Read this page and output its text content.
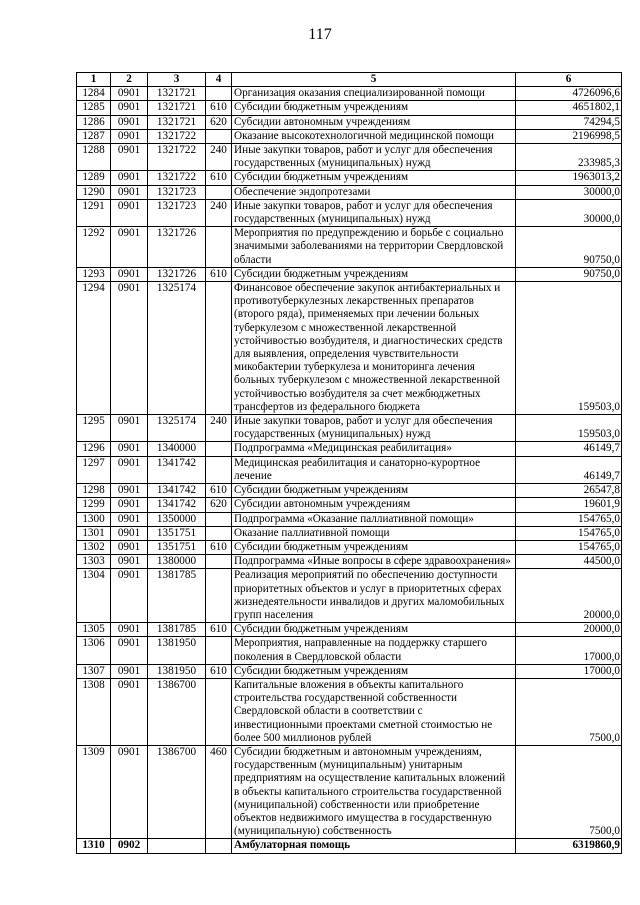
117
1	2	3	4	5	6
1284	0901	1321721		Организация оказания специализированной помощи	4726096,6
1285	0901	1321721	610	Субсидии бюджетным учреждениям	4651802,1
1286	0901	1321721	620	Субсидии автономным учреждениям	74294,5
1287	0901	1321722		Оказание высокотехнологичной медицинской помощи	2196998,5
1288	0901	1321722	240	Иные закупки товаров, работ и услуг для обеспечения государственных (муниципальных) нужд	233985,3
1289	0901	1321722	610	Субсидии бюджетным учреждениям	1963013,2
1290	0901	1321723		Обеспечение эндопротезами	30000,0
1291	0901	1321723	240	Иные закупки товаров, работ и услуг для обеспечения государственных (муниципальных) нужд	30000,0
1292	0901	1321726		Мероприятия по предупреждению и борьбе с социально значимыми заболеваниями на территории Свердловской области	90750,0
1293	0901	1321726	610	Субсидии бюджетным учреждениям	90750,0
1294	0901	1325174		Финансовое обеспечение закупок антибактериальных и противотуберкулезных лекарственных препаратов (второго ряда), применяемых при лечении больных туберкулезом с множественной лекарственной устойчивостью возбудителя, и диагностических средств для выявления, определения чувствительности микобактерии туберкулеза и мониторинга лечения больных туберкулезом с множественной лекарственной устойчивостью возбудителя за счет межбюджетных трансфертов из федерального бюджета	159503,0
1295	0901	1325174	240	Иные закупки товаров, работ и услуг для обеспечения государственных (муниципальных) нужд	159503,0
1296	0901	1340000		Подпрограмма «Медицинская реабилитация»	46149,7
1297	0901	1341742		Медицинская реабилитация и санаторно-курортное лечение	46149,7
1298	0901	1341742	610	Субсидии бюджетным учреждениям	26547,8
1299	0901	1341742	620	Субсидии автономным учреждениям	19601,9
1300	0901	1350000		Подпрограмма «Оказание паллиативной помощи»	154765,0
1301	0901	1351751		Оказание паллиативной помощи	154765,0
1302	0901	1351751	610	Субсидии бюджетным учреждениям	154765,0
1303	0901	1380000		Подпрограмма «Иные вопросы в сфере здравоохранения»	44500,0
1304	0901	1381785		Реализация мероприятий по обеспечению доступности приоритетных объектов и услуг в приоритетных сферах жизнедеятельности инвалидов и других маломобильных групп населения	20000,0
1305	0901	1381785	610	Субсидии бюджетным учреждениям	20000,0
1306	0901	1381950		Мероприятия, направленные на поддержку старшего поколения в Свердловской области	17000,0
1307	0901	1381950	610	Субсидии бюджетным учреждениям	17000,0
1308	0901	1386700		Капитальные вложения в объекты капитального строительства государственной собственности Свердловской области в соответствии с инвестиционными проектами сметной стоимостью не более 500 миллионов рублей	7500,0
1309	0901	1386700	460	Субсидии бюджетным и автономным учреждениям, государственным (муниципальным) унитарным предприятиям на осуществление капитальных вложений в объекты капитального строительства государственной (муниципальной) собственности или приобретение объектов недвижимого имущества в государственную (муниципальную) собственность	7500,0
1310	0902			Амбулаторная помощь	6319860,9
